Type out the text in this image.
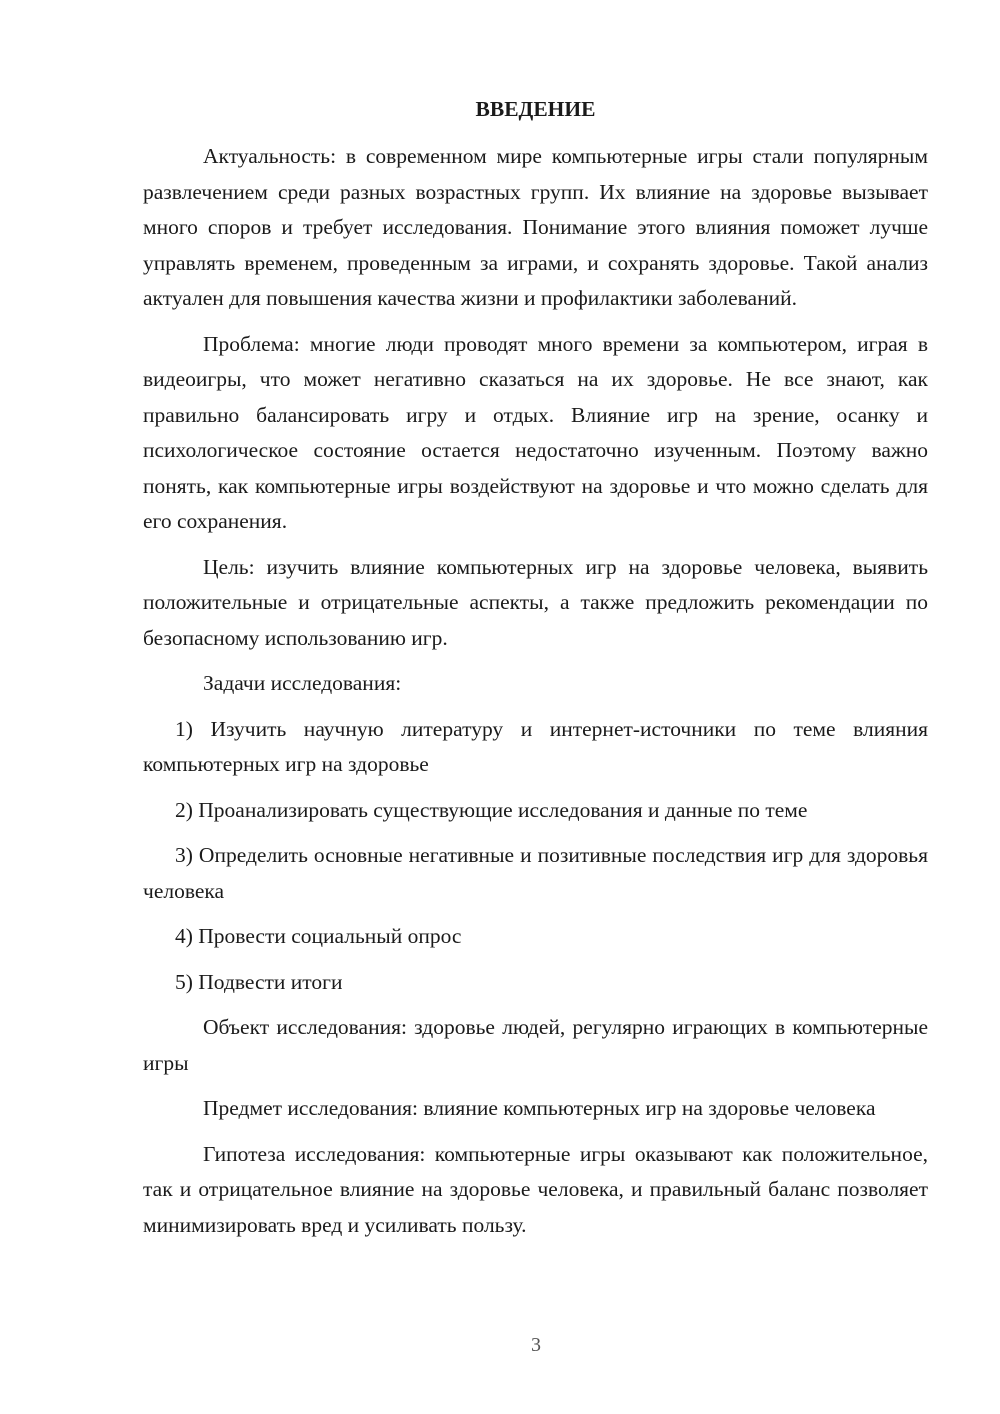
ВВЕДЕНИЕ

Актуальность: в современном мире компьютерные игры стали популярным развлечением среди разных возрастных групп. Их влияние на здоровье вызывает много споров и требует исследования. Понимание этого влияния поможет лучше управлять временем, проведенным за играми, и сохранять здоровье. Такой анализ актуален для повышения качества жизни и профилактики заболеваний.

Проблема: многие люди проводят много времени за компьютером, играя в видеоигры, что может негативно сказаться на их здоровье. Не все знают, как правильно балансировать игру и отдых. Влияние игр на зрение, осанку и психологическое состояние остается недостаточно изученным. Поэтому важно понять, как компьютерные игры воздействуют на здоровье и что можно сделать для его сохранения.

Цель: изучить влияние компьютерных игр на здоровье человека, выявить положительные и отрицательные аспекты, а также предложить рекомендации по безопасному использованию игр.

Задачи исследования:

1) Изучить научную литературу и интернет-источники по теме влияния компьютерных игр на здоровье

2) Проанализировать существующие исследования и данные по теме

3) Определить основные негативные и позитивные последствия игр для здоровья человека

4) Провести социальный опрос

5) Подвести итоги

Объект исследования: здоровье людей, регулярно играющих в компьютерные игры

Предмет исследования: влияние компьютерных игр на здоровье человека

Гипотеза исследования: компьютерные игры оказывают как положительное, так и отрицательное влияние на здоровье человека, и правильный баланс позволяет минимизировать вред и усиливать пользу.

3
